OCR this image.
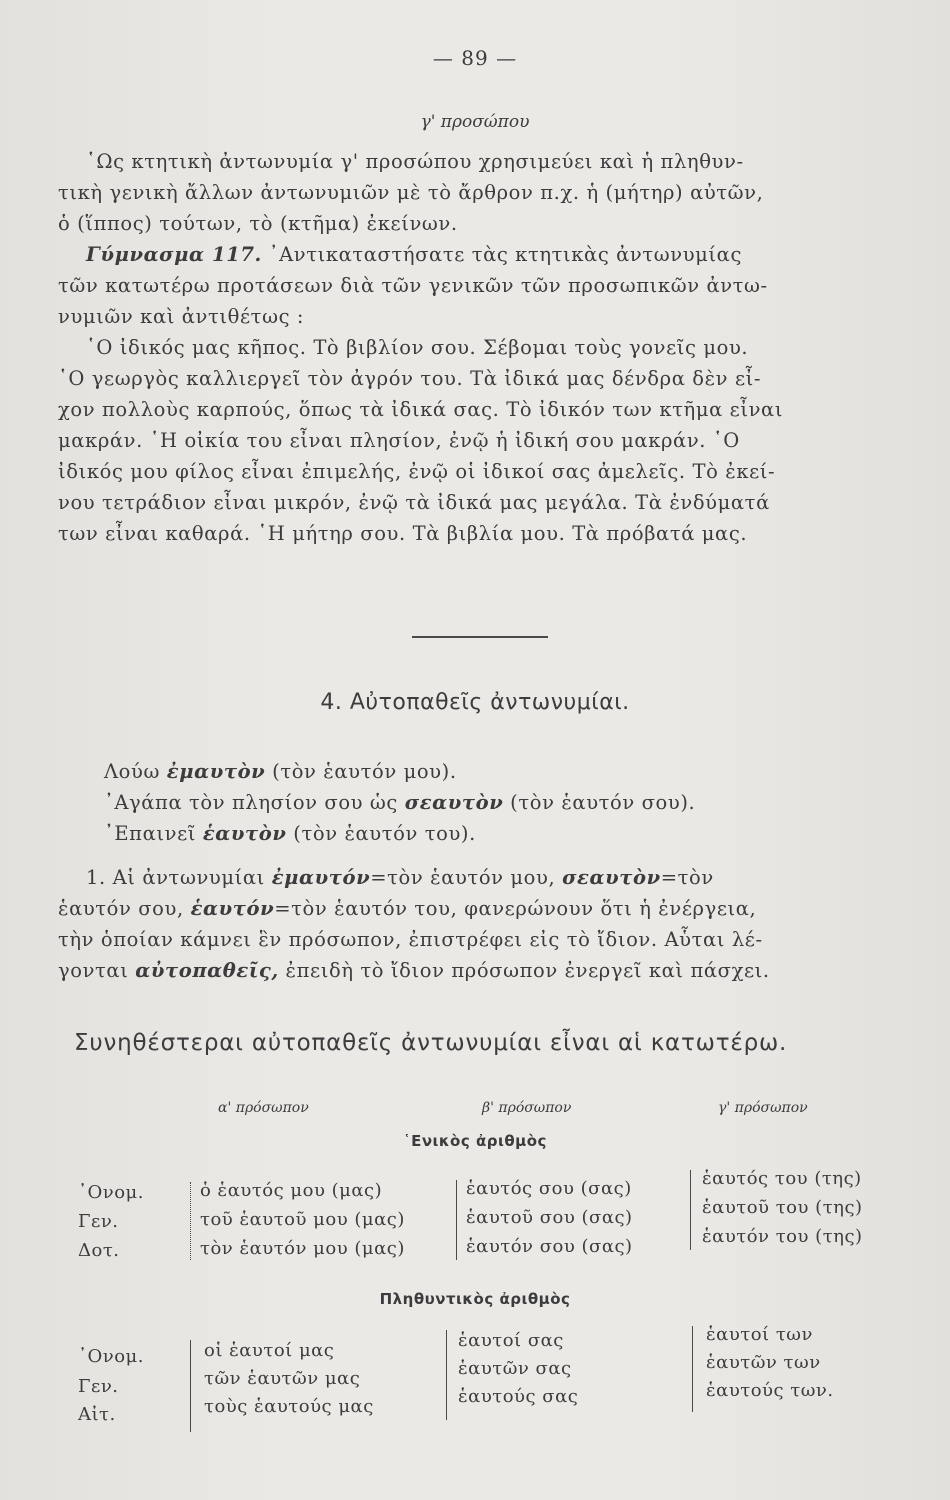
— 89 —
γ' προσώπου
῾Ως κτητικὴ ἀντωνυμία γ' προσώπου χρησιμεύει καὶ ἡ πληθυν-
τικὴ γενικὴ ἄλλων ἀντωνυμιῶν μὲ τὸ ἄρθρον π.χ. ἡ (μήτηρ) αὐτῶν,
ὁ (ἵππος) τούτων, τὸ (κτῆμα) ἐκείνων.
Γύμνασμα 117. ᾿Αντικαταστήσατε τὰς κτητικὰς ἀντωνυμίας
τῶν κατωτέρω προτάσεων διὰ τῶν γενικῶν τῶν προσωπικῶν ἀντω-
νυμιῶν καὶ ἀντιθέτως :
῾Ο ἰδικός μας κῆπος. Τὸ βιβλίον σου. Σέβομαι τοὺς γονεῖς μου.
῾Ο γεωργὸς καλλιεργεῖ τὸν ἀγρόν του. Τὰ ἰδικά μας δένδρα δὲν εἶ-
χον πολλοὺς καρπούς, ὅπως τὰ ἰδικά σας. Τὸ ἰδικόν των κτῆμα εἶναι
μακράν. ῾Η οἰκία του εἶναι πλησίον, ἐνῷ ἡ ἰδική σου μακράν. ῾Ο
ἰδικός μου φίλος εἶναι ἐπιμελής, ἐνῷ οἱ ἰδικοί σας ἀμελεῖς. Τὸ ἐκεί-
νου τετράδιον εἶναι μικρόν, ἐνῷ τὰ ἰδικά μας μεγάλα. Τὰ ἐνδύματά
των εἶναι καθαρά. ῾Η μήτηρ σου. Τὰ βιβλία μου. Τὰ πρόβατά μας.
4. Αὐτοπαθεῖς ἀντωνυμίαι.
Λούω ἐμαυτὸν (τὸν ἑαυτόν μου).
᾿Αγάπα τὸν πλησίον σου ὡς σεαυτὸν (τὸν ἑαυτόν σου).
᾿Επαινεῖ ἑαυτὸν (τὸν ἑαυτόν του).
1. Αἱ ἀντωνυμίαι ἐμαυτόν=τὸν ἑαυτόν μου, σεαυτὸν=τὸν
ἑαυτόν σου, ἑαυτόν=τὸν ἑαυτόν του, φανερώνουν ὅτι ἡ ἐνέργεια,
τὴν ὁποίαν κάμνει ἓν πρόσωπον, ἐπιστρέφει εἰς τὸ ἴδιον. Αὗται λέ-
γονται αὐτοπαθεῖς, ἐπειδὴ τὸ ἴδιον πρόσωπον ἐνεργεῖ καὶ πάσχει.
Συνηθέστεραι αὐτοπαθεῖς ἀντωνυμίαι εἶναι αἱ κατωτέρω.
α' πρόσωπον	β' πρόσωπον	γ' πρόσωπον
῾Ενικὸς ἀριθμὸς
᾿Ονομ.
Γεν.
Δοτ.
ὁ ἑαυτός μου (μας)
τοῦ ἑαυτοῦ μου (μας)
τὸν ἑαυτόν μου (μας)
ἑαυτός σου (σας)
ἑαυτοῦ σου (σας)
ἑαυτόν σου (σας)
ἑαυτός του (της)
ἑαυτοῦ του (της)
ἑαυτόν του (της)
Πληθυντικὸς ἀριθμὸς
᾿Ονομ.
Γεν.
Αἰτ.
οἱ ἑαυτοί μας
τῶν ἑαυτῶν μας
τοὺς ἑαυτούς μας
ἑαυτοί σας
ἑαυτῶν σας
ἑαυτούς σας
ἑαυτοί των
ἑαυτῶν των
ἑαυτούς των.
